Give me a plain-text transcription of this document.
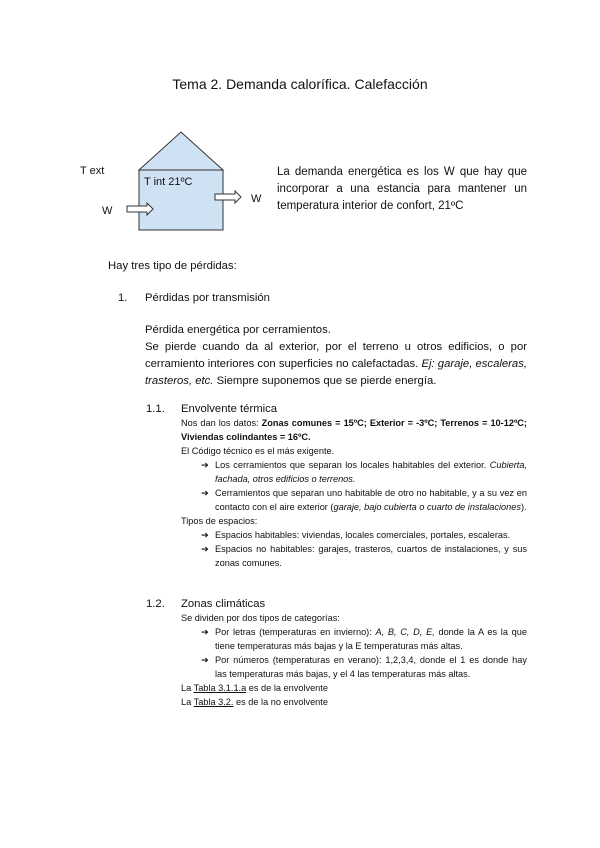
Tema 2. Demanda calorífica. Calefacción
T ext
T int 21ºC
W
W
La demanda energética es los W que hay que incorporar a una estancia para mantener un temperatura interior de confort, 21ºC
Hay tres tipo de pérdidas:
1. Pérdidas por transmisión
Pérdida energética por cerramientos.
Se pierde cuando da al exterior, por el terreno u otros edificios, o por cerramiento interiores con superficies no calefactadas. Ej: garaje, escaleras, trasteros, etc. Siempre suponemos que se pierde energía.
1.1. Envolvente térmica
Nos dan los datos: Zonas comunes = 15ºC; Exterior = -3ºC; Terrenos = 10-12ºC; Viviendas colindantes = 16ºC.
El Código técnico es el más exigente.
➔ Los cerramientos que separan los locales habitables del exterior. Cubierta, fachada, otros edificios o terrenos.
➔ Cerramientos que separan uno habitable de otro no habitable, y a su vez en contacto con el aire exterior (garaje, bajo cubierta o cuarto de instalaciones).
Tipos de espacios:
➔ Espacios habitables: viviendas, locales comerciales, portales, escaleras.
➔ Espacios no habitables: garajes, trasteros, cuartos de instalaciones, y sus zonas comunes.
1.2. Zonas climáticas
Se dividen por dos tipos de categorías:
➔ Por letras (temperaturas en invierno): A, B, C, D, E, donde la A es la que tiene temperaturas más bajas y la E temperaturas más altas.
➔ Por números (temperaturas en verano): 1,2,3,4, donde el 1 es donde hay las temperaturas más bajas, y el 4 las temperaturas más altas.
La Tabla 3.1.1.a es de la envolvente
La Tabla 3.2. es de la no envolvente
